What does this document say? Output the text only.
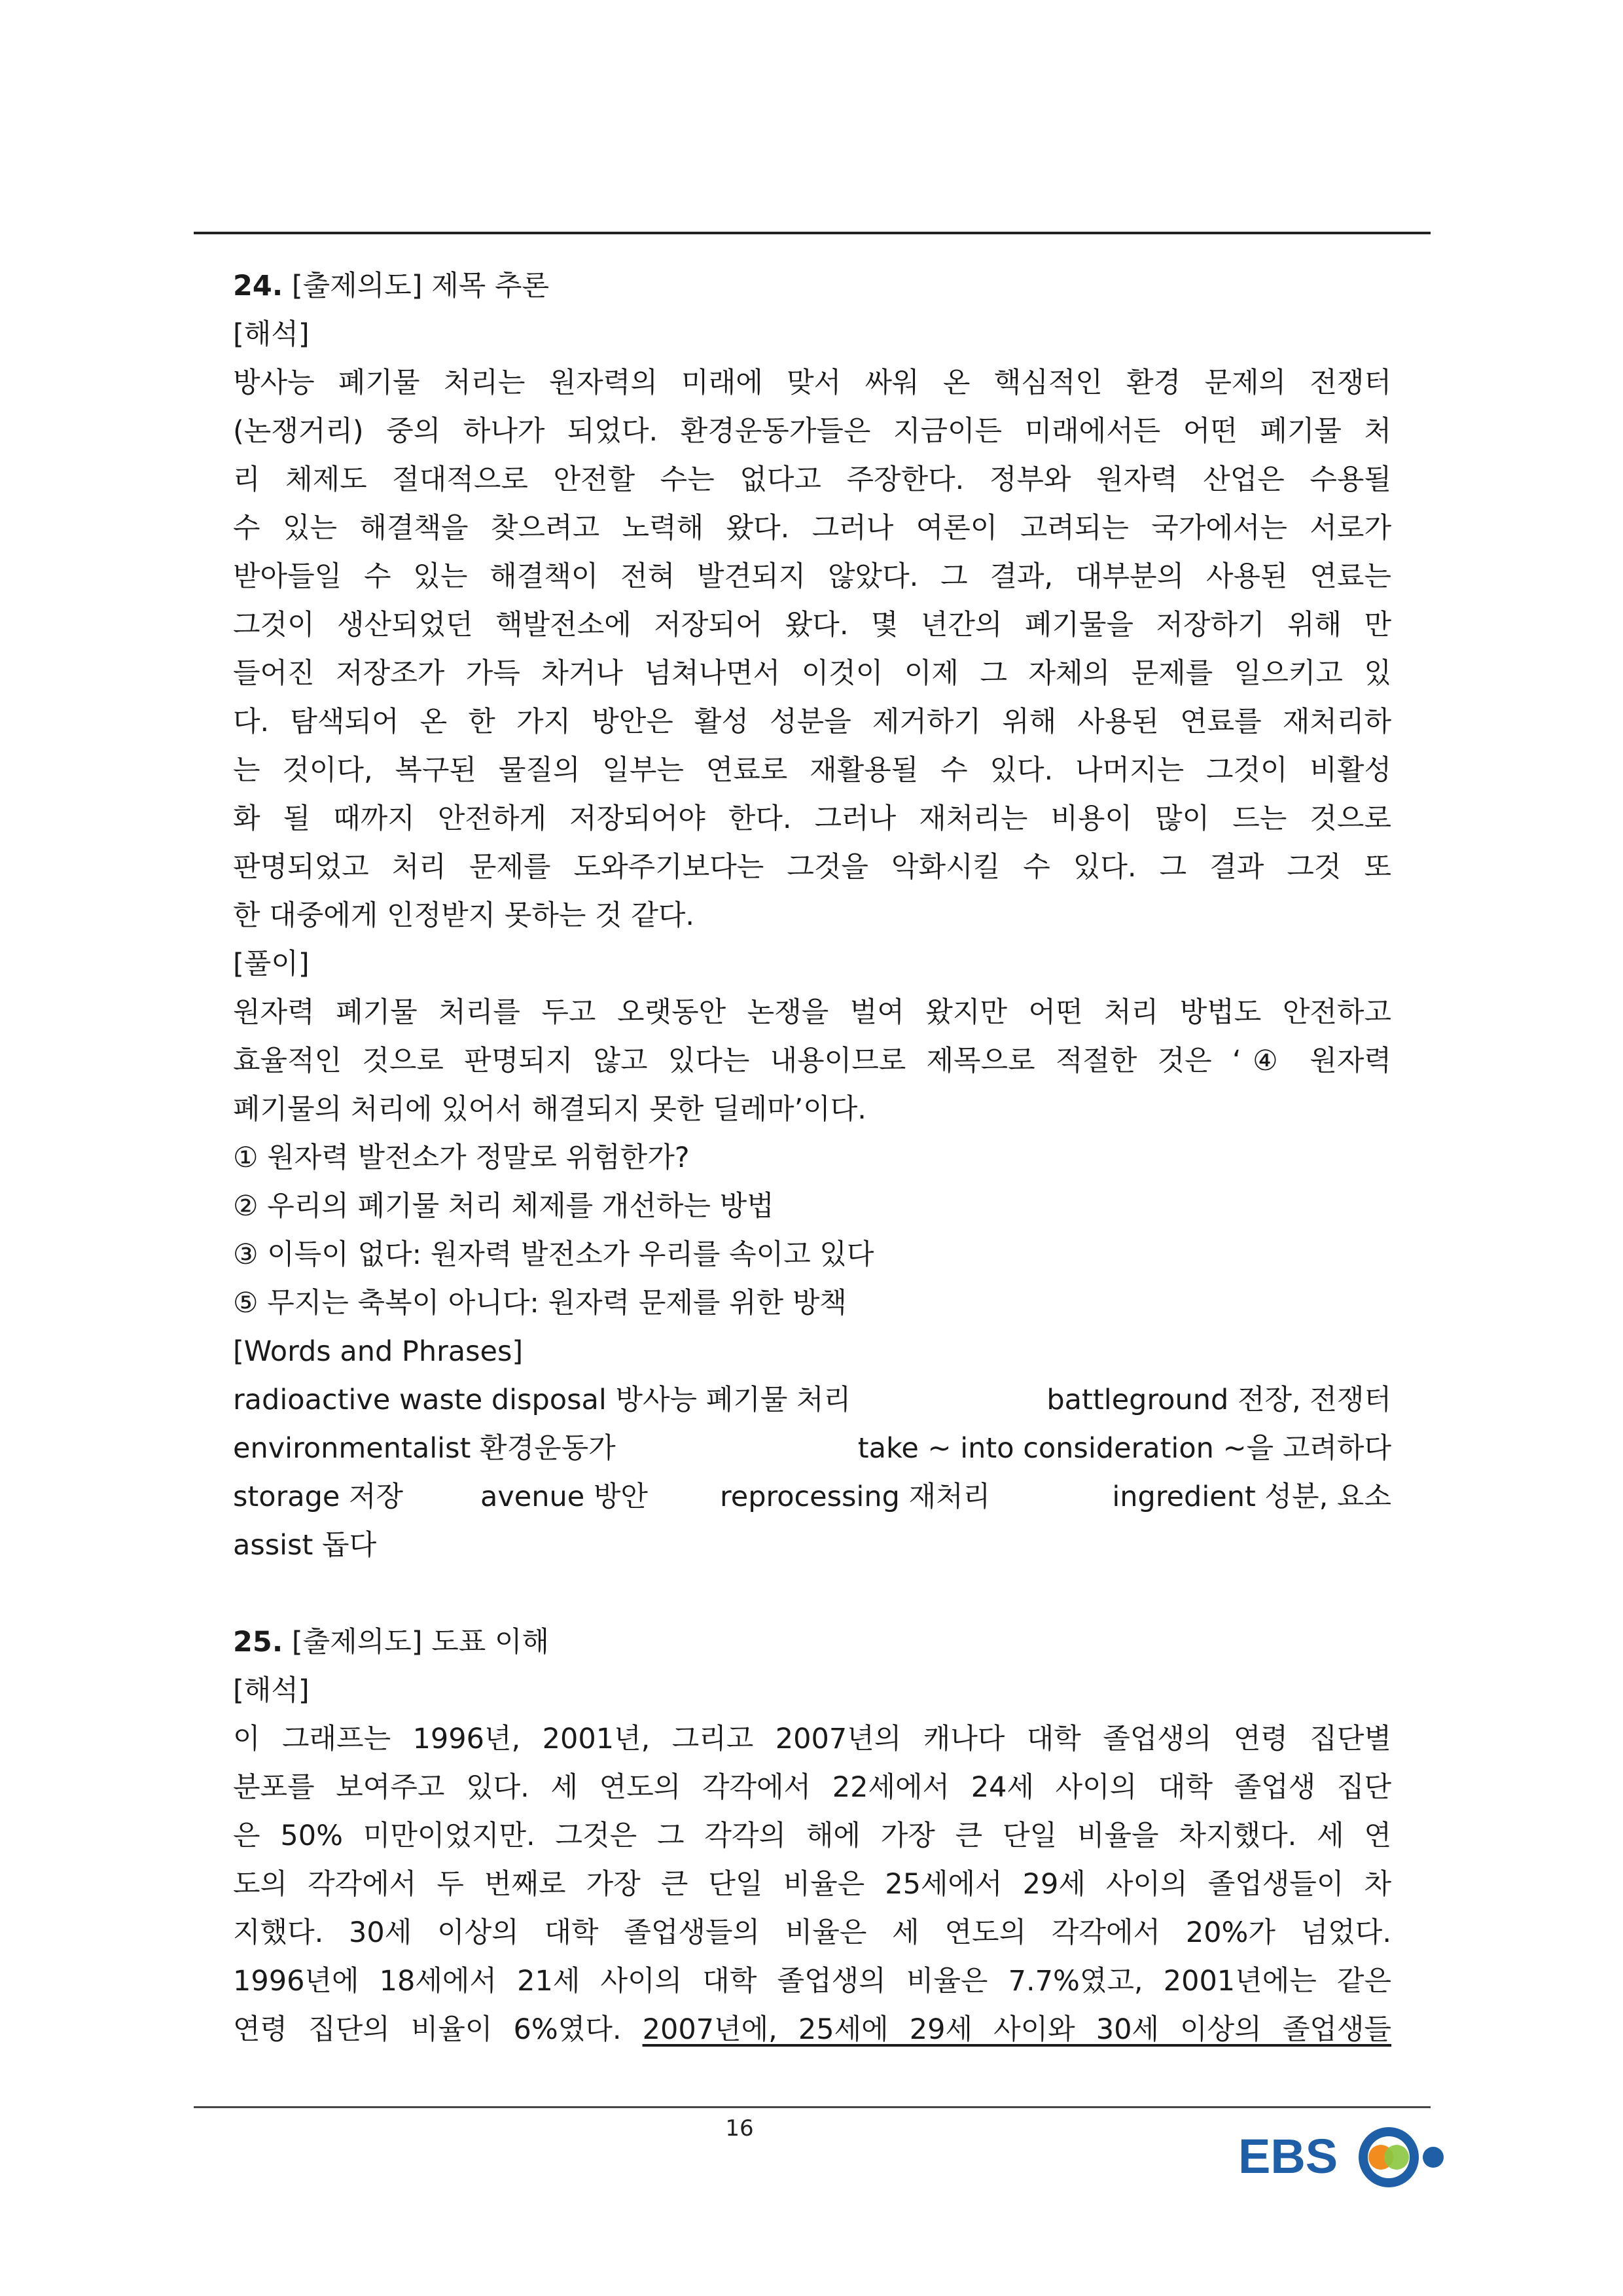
24. [출제의도] 제목 추론
[해석]
방사능 폐기물 처리는 원자력의 미래에 맞서 싸워 온 핵심적인 환경 문제의 전쟁터
(논쟁거리) 중의 하나가 되었다. 환경운동가들은 지금이든 미래에서든 어떤 폐기물 처
리 체제도 절대적으로 안전할 수는 없다고 주장한다. 정부와 원자력 산업은 수용될
수 있는 해결책을 찾으려고 노력해 왔다. 그러나 여론이 고려되는 국가에서는 서로가
받아들일 수 있는 해결책이 전혀 발견되지 않았다. 그 결과, 대부분의 사용된 연료는
그것이 생산되었던 핵발전소에 저장되어 왔다. 몇 년간의 폐기물을 저장하기 위해 만
들어진 저장조가 가득 차거나 넘쳐나면서 이것이 이제 그 자체의 문제를 일으키고 있
다. 탐색되어 온 한 가지 방안은 활성 성분을 제거하기 위해 사용된 연료를 재처리하
는 것이다, 복구된 물질의 일부는 연료로 재활용될 수 있다. 나머지는 그것이 비활성
화 될 때까지 안전하게 저장되어야 한다. 그러나 재처리는 비용이 많이 드는 것으로
판명되었고 처리 문제를 도와주기보다는 그것을 악화시킬 수 있다. 그 결과 그것 또
한 대중에게 인정받지 못하는 것 같다.
[풀이]
원자력 폐기물 처리를 두고 오랫동안 논쟁을 벌여 왔지만 어떤 처리 방법도 안전하고
효율적인 것으로 판명되지 않고 있다는 내용이므로 제목으로 적절한 것은 ‘④ 원자력
폐기물의 처리에 있어서 해결되지 못한 딜레마’이다.
① 원자력 발전소가 정말로 위험한가?
② 우리의 폐기물 처리 체제를 개선하는 방법
③ 이득이 없다: 원자력 발전소가 우리를 속이고 있다
⑤ 무지는 축복이 아니다: 원자력 문제를 위한 방책
[Words and Phrases]
radioactive waste disposal 방사능 폐기물 처리	battleground 전장, 전쟁터
environmentalist 환경운동가	take ~ into consideration ~을 고려하다
storage 저장	avenue 방안	reprocessing 재처리	ingredient 성분, 요소
assist 돕다
25. [출제의도] 도표 이해
[해석]
이 그래프는 1996년, 2001년, 그리고 2007년의 캐나다 대학 졸업생의 연령 집단별
분포를 보여주고 있다. 세 연도의 각각에서 22세에서 24세 사이의 대학 졸업생 집단
은 50% 미만이었지만. 그것은 그 각각의 해에 가장 큰 단일 비율을 차지했다. 세 연
도의 각각에서 두 번째로 가장 큰 단일 비율은 25세에서 29세 사이의 졸업생들이 차
지했다. 30세 이상의 대학 졸업생들의 비율은 세 연도의 각각에서 20%가 넘었다.
1996년에 18세에서 21세 사이의 대학 졸업생의 비율은 7.7%였고, 2001년에는 같은
연령 집단의 비율이 6%였다. 2007년에, 25세에 29세 사이와 30세 이상의 졸업생들
16
EBS
